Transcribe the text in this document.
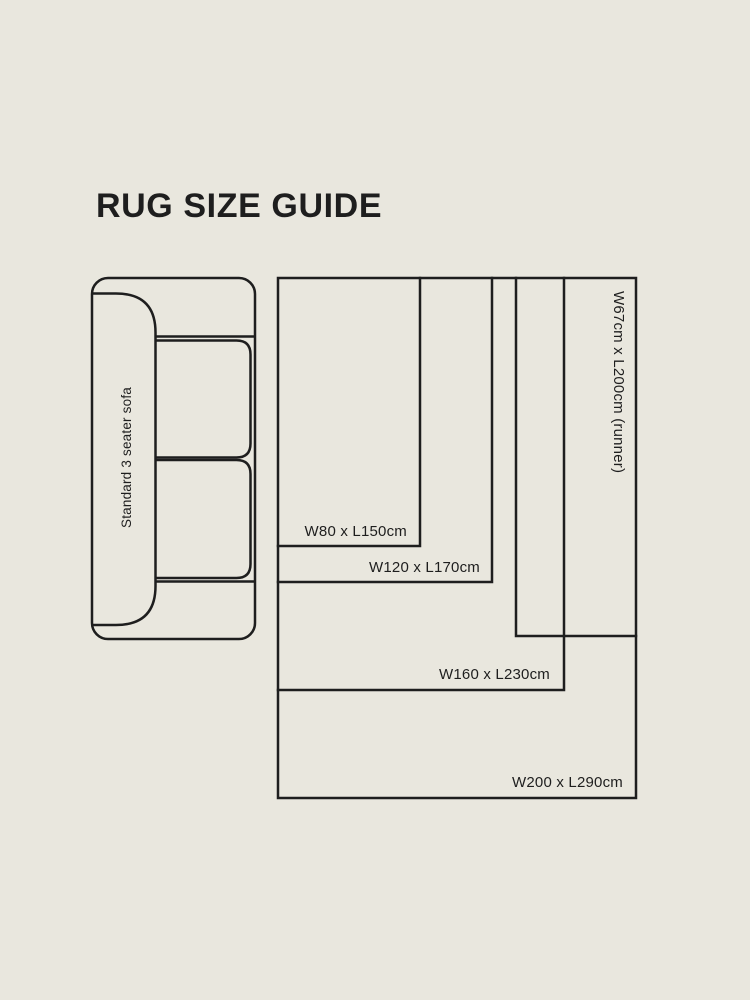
RUG SIZE GUIDE
Standard 3 seater sofa
W80 x L150cm
W120 x L170cm
W160 x L230cm
W200 x L290cm
W67cm x L200cm (runner)
